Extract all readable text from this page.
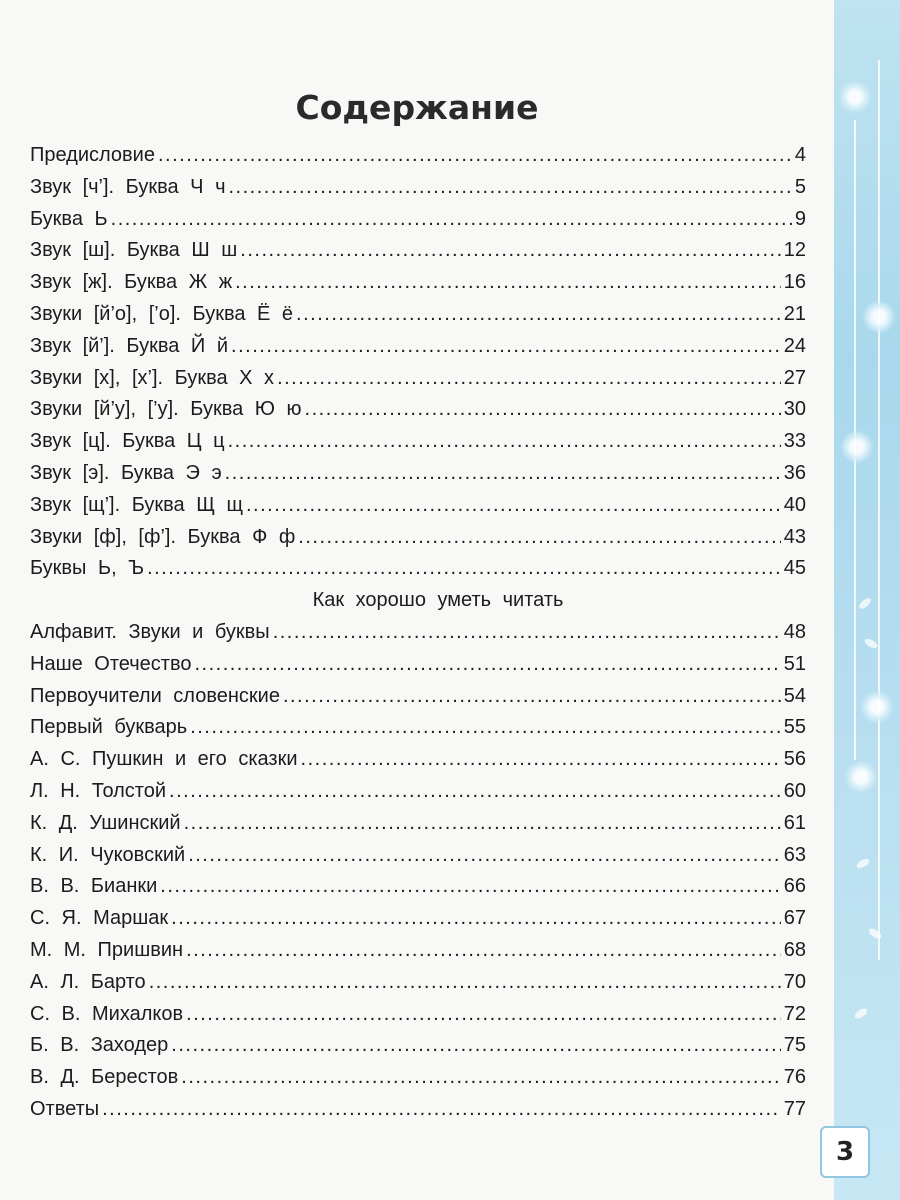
Содержание
Предисловие .....	4
Звук [ч’]. Буква Ч ч .....	5
Буква Ь .....	9
Звук [ш]. Буква Ш ш .....	12
Звук [ж]. Буква Ж ж .....	16
Звуки [й’о], [’о]. Буква Ё ё .....	21
Звук [й’]. Буква Й й .....	24
Звуки [х], [х’]. Буква Х х .....	27
Звуки [й’у], [’у]. Буква Ю ю .....	30
Звук [ц]. Буква Ц ц .....	33
Звук [э]. Буква Э э .....	36
Звук [щ’]. Буква Щ щ .....	40
Звуки [ф], [ф’]. Буква Ф ф .....	43
Буквы Ь, Ъ .....	45
Как хорошо уметь читать
Алфавит. Звуки и буквы .....	48
Наше Отечество .....	51
Первоучители словенские .....	54
Первый букварь .....	55
А. С. Пушкин и его сказки .....	56
Л. Н. Толстой .....	60
К. Д. Ушинский .....	61
К. И. Чуковский .....	63
В. В. Бианки .....	66
С. Я. Маршак .....	67
М. М. Пришвин .....	68
А. Л. Барто .....	70
С. В. Михалков .....	72
Б. В. Заходер .....	75
В. Д. Берестов .....	76
Ответы .....	77
3
